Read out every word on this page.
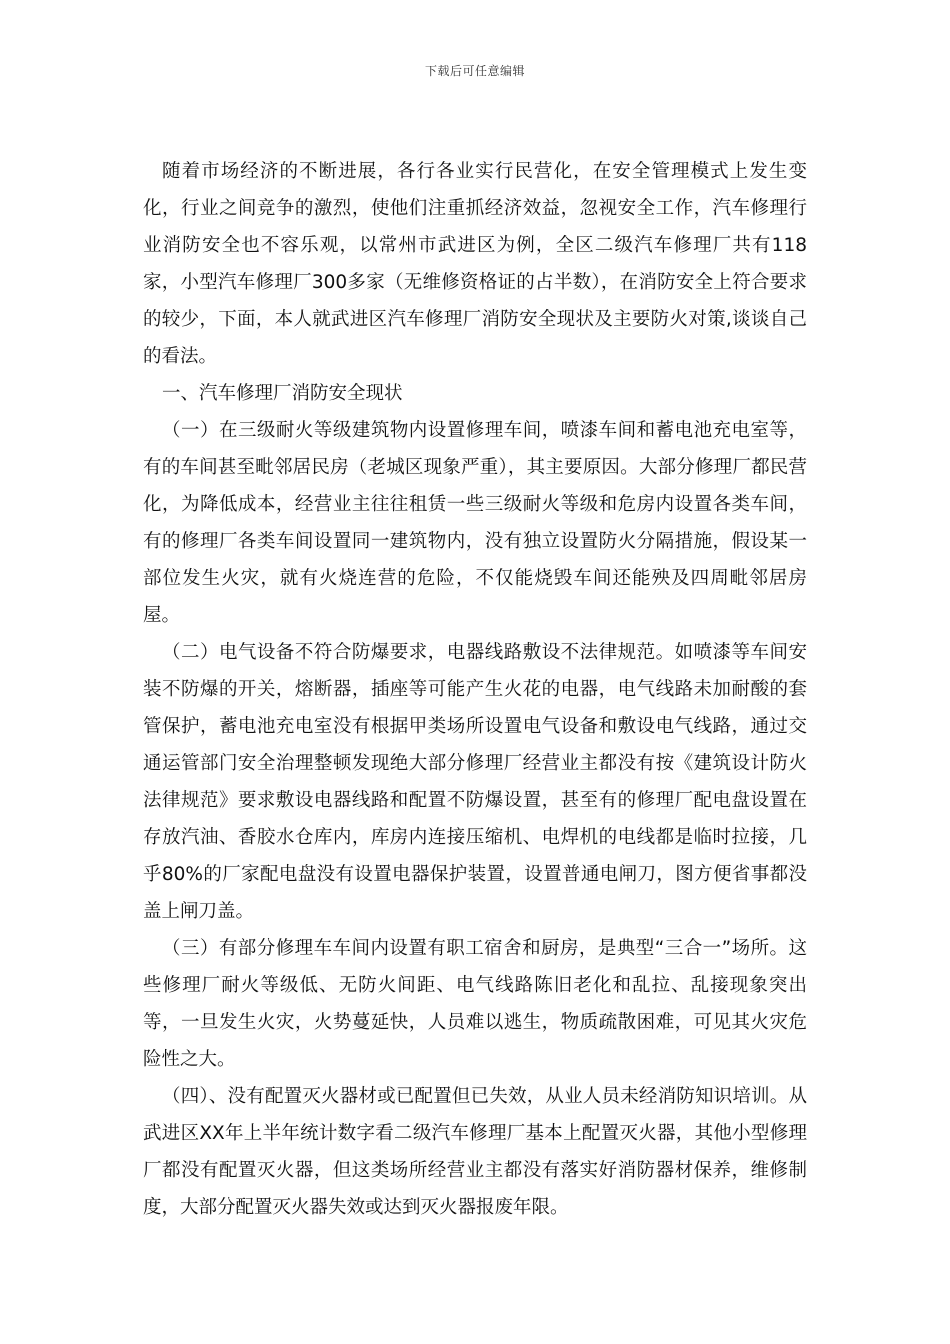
下载后可任意编辑

随着市场经济的不断进展，各行各业实行民营化，在安全管理模式上发生变化，行业之间竞争的激烈，使他们注重抓经济效益，忽视安全工作，汽车修理行业消防安全也不容乐观，以常州市武进区为例，全区二级汽车修理厂共有118家，小型汽车修理厂300多家（无维修资格证的占半数），在消防安全上符合要求的较少，下面，本人就武进区汽车修理厂消防安全现状及主要防火对策,谈谈自己的看法。

一、汽车修理厂消防安全现状

（一）在三级耐火等级建筑物内设置修理车间，喷漆车间和蓄电池充电室等，有的车间甚至毗邻居民房（老城区现象严重），其主要原因。大部分修理厂都民营化，为降低成本，经营业主往往租赁一些三级耐火等级和危房内设置各类车间，有的修理厂各类车间设置同一建筑物内，没有独立设置防火分隔措施，假设某一部位发生火灾，就有火烧连营的危险，不仅能烧毁车间还能殃及四周毗邻居房屋。

（二）电气设备不符合防爆要求，电器线路敷设不法律规范。如喷漆等车间安装不防爆的开关，熔断器，插座等可能产生火花的电器，电气线路未加耐酸的套管保护，蓄电池充电室没有根据甲类场所设置电气设备和敷设电气线路，通过交通运管部门安全治理整顿发现绝大部分修理厂经营业主都没有按《建筑设计防火法律规范》要求敷设电器线路和配置不防爆设置，甚至有的修理厂配电盘设置在存放汽油、香胶水仓库内，库房内连接压缩机、电焊机的电线都是临时拉接，几乎80%的厂家配电盘没有设置电器保护装置，设置普通电闸刀，图方便省事都没盖上闸刀盖。

（三）有部分修理车车间内设置有职工宿舍和厨房，是典型“三合一”场所。这些修理厂耐火等级低、无防火间距、电气线路陈旧老化和乱拉、乱接现象突出等，一旦发生火灾，火势蔓延快，人员难以逃生，物质疏散困难，可见其火灾危险性之大。

（四）、没有配置灭火器材或已配置但已失效，从业人员未经消防知识培训。从武进区XX年上半年统计数字看二级汽车修理厂基本上配置灭火器，其他小型修理厂都没有配置灭火器，但这类场所经营业主都没有落实好消防器材保养，维修制度，大部分配置灭火器失效或达到灭火器报废年限。
